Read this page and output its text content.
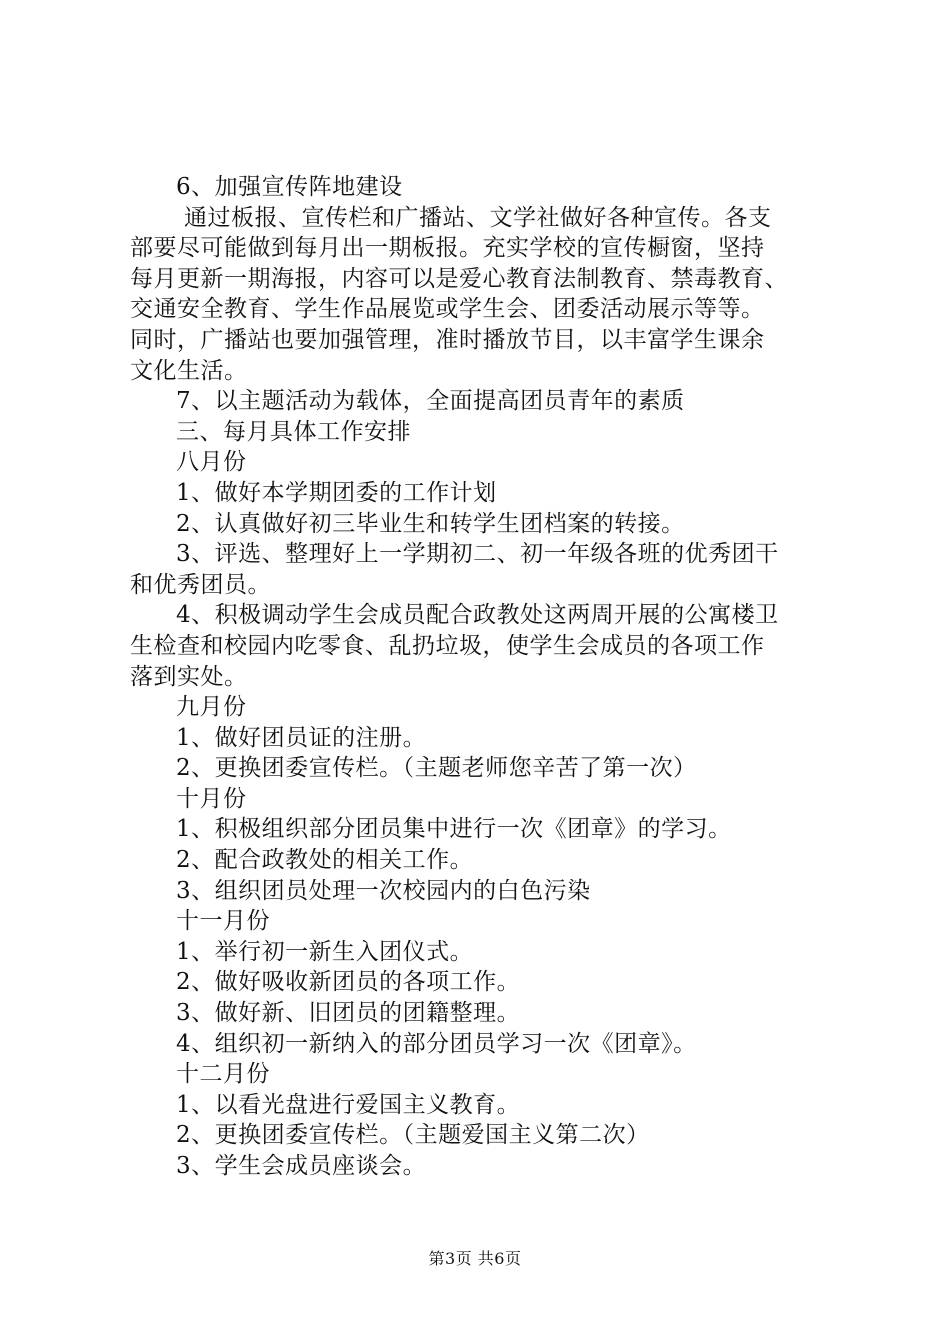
6、加强宣传阵地建设
通过板报、宣传栏和广播站、文学社做好各种宣传。各支
部要尽可能做到每月出一期板报。充实学校的宣传橱窗，坚持
每月更新一期海报，内容可以是爱心教育法制教育、禁毒教育、
交通安全教育、学生作品展览或学生会、团委活动展示等等。
同时，广播站也要加强管理，准时播放节目，以丰富学生课余
文化生活。
7、以主题活动为载体，全面提高团员青年的素质
三、每月具体工作安排
八月份
1、做好本学期团委的工作计划
2、认真做好初三毕业生和转学生团档案的转接。
3、评选、整理好上一学期初二、初一年级各班的优秀团干
和优秀团员。
4、积极调动学生会成员配合政教处这两周开展的公寓楼卫
生检查和校园内吃零食、乱扔垃圾，使学生会成员的各项工作
落到实处。
九月份
1、做好团员证的注册。
2、更换团委宣传栏。（主题老师您辛苦了第一次）
十月份
1、积极组织部分团员集中进行一次《团章》的学习。
2、配合政教处的相关工作。
3、组织团员处理一次校园内的白色污染
十一月份
1、举行初一新生入团仪式。
2、做好吸收新团员的各项工作。
3、做好新、旧团员的团籍整理。
4、组织初一新纳入的部分团员学习一次《团章》。
十二月份
1、以看光盘进行爱国主义教育。
2、更换团委宣传栏。（主题爱国主义第二次）
3、学生会成员座谈会。
第3页 共6页
